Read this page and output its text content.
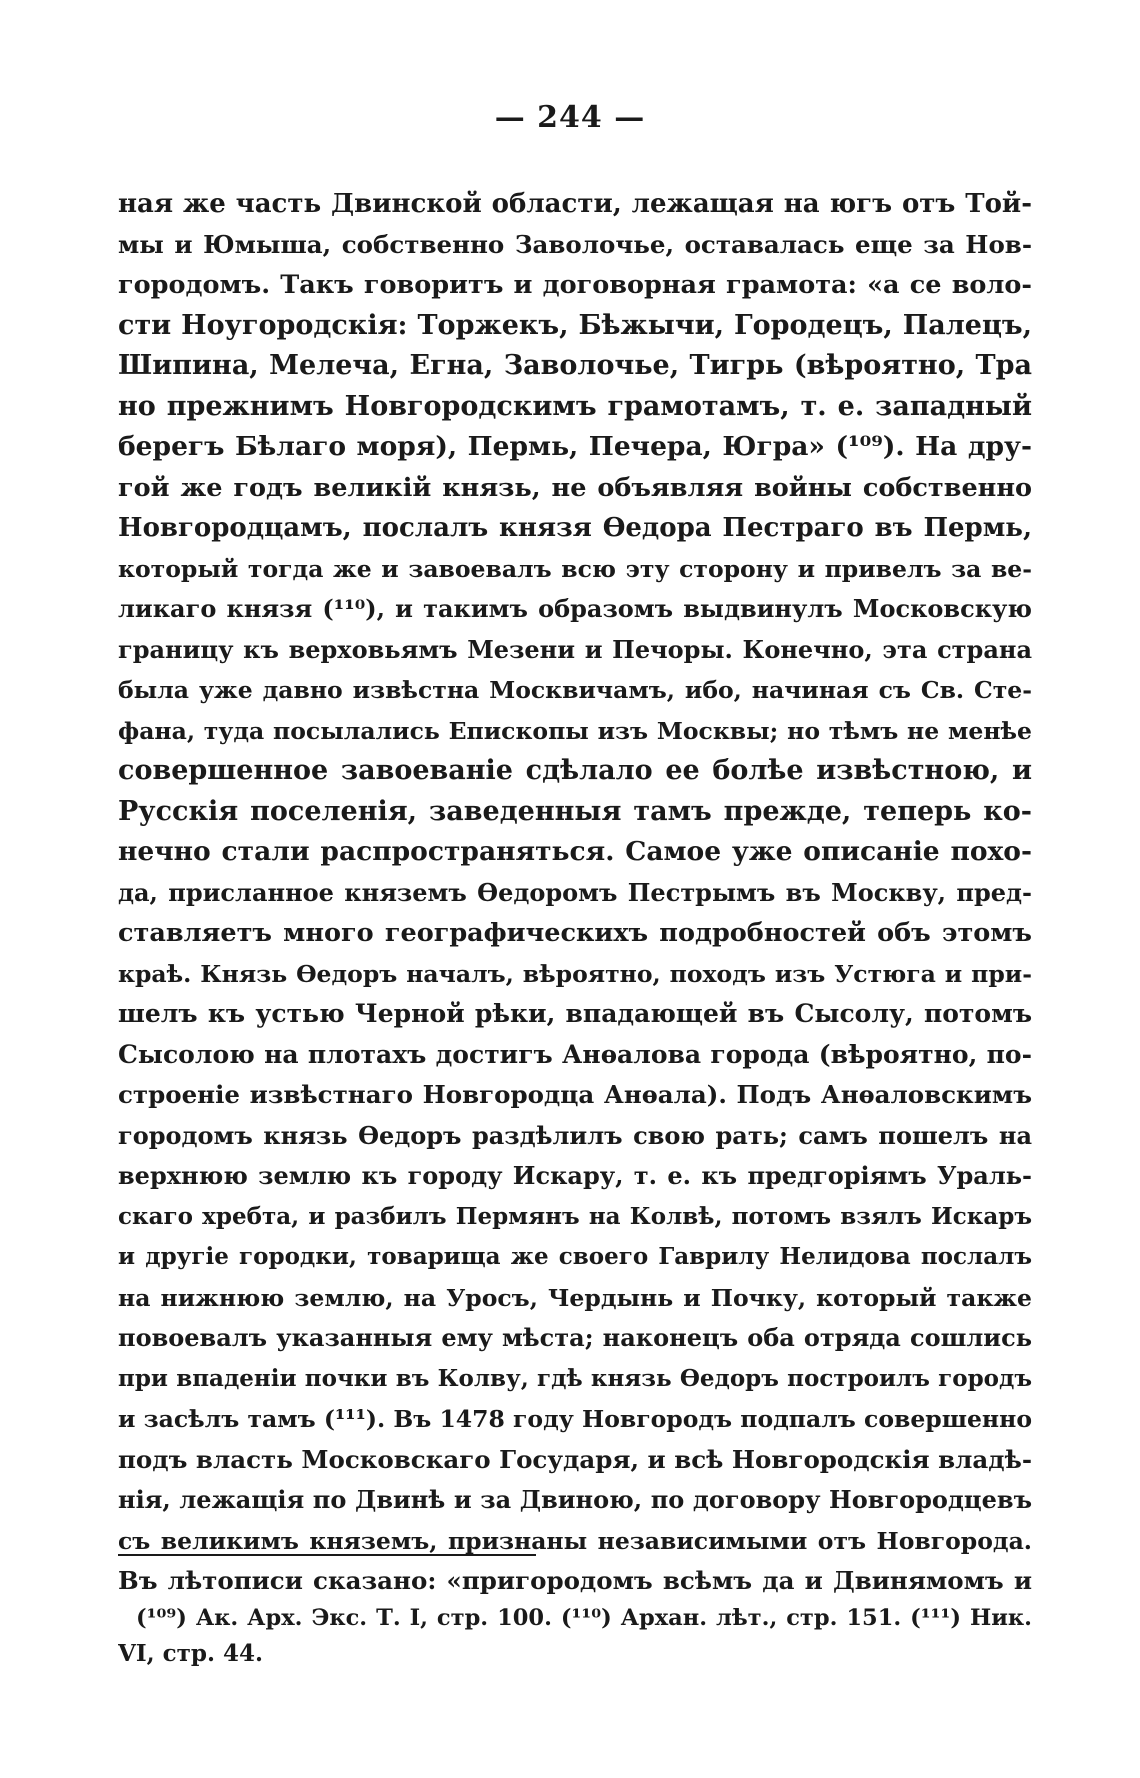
— 244 —
ная же часть Двинской области, лежащая на югъ отъ Той-
мы и Юмыша, собственно Заволочье, оставалась еще за Нов-
городомъ. Такъ говоритъ и договорная грамота: «а се воло-
сти Ноугородскія: Торжекъ, Бѣжычи, Городецъ, Палецъ,
Шипина, Мелеча, Егна, Заволочье, Тигрь (вѣроятно, Тра
но прежнимъ Новгородскимъ грамотамъ, т. е. западный
берегъ Бѣлаго моря), Пермь, Печера, Югра» (¹⁰⁹). На дру-
гой же годъ великій князь, не объявляя войны собственно
Новгородцамъ, послалъ князя Ѳедора Пестраго въ Пермь,
который тогда же и завоевалъ всю эту сторону и привелъ за ве-
ликаго князя (¹¹⁰), и такимъ образомъ выдвинулъ Московскую
границу къ верховьямъ Мезени и Печоры. Конечно, эта страна
была уже давно извѣстна Москвичамъ, ибо, начиная съ Св. Сте-
фана, туда посылались Епископы изъ Москвы; но тѣмъ не менѣе
совершенное завоеваніе сдѣлало ее болѣе извѣстною, и
Русскія поселенія, заведенныя тамъ прежде, теперь ко-
нечно стали распространяться. Самое уже описаніе похо-
да, присланное княземъ Ѳедоромъ Пестрымъ въ Москву, пред-
ставляетъ много географическихъ подробностей объ этомъ
краѣ. Князь Ѳедоръ началъ, вѣроятно, походъ изъ Устюга и при-
шелъ къ устью Черной рѣки, впадающей въ Сысолу, потомъ
Сысолою на плотахъ достигъ Анѳалова города (вѣроятно, по-
строеніе извѣстнаго Новгородца Анѳала). Подъ Анѳаловскимъ
городомъ князь Ѳедоръ раздѣлилъ свою рать; самъ пошелъ на
верхнюю землю къ городу Искару, т. е. къ предгоріямъ Ураль-
скаго хребта, и разбилъ Пермянъ на Колвѣ, потомъ взялъ Искаръ
и другіе городки, товарища же своего Гаврилу Нелидова послалъ
на нижнюю землю, на Уросъ, Чердынь и Почку, который также
повоевалъ указанныя ему мѣста; наконецъ оба отряда сошлись
при впаденіи почки въ Колву, гдѣ князь Ѳедоръ построилъ городъ
и засѣлъ тамъ (¹¹¹). Въ 1478 году Новгородъ подпалъ совершенно
подъ власть Московскаго Государя, и всѣ Новгородскія владѣ-
нія, лежащія по Двинѣ и за Двиною, по договору Новгородцевъ
съ великимъ княземъ, признаны независимыми отъ Новгорода.
Въ лѣтописи сказано: «пригородомъ всѣмъ да и Двинямомъ и
(¹⁰⁹) Ак. Арх. Экс. Т. I, стр. 100. (¹¹⁰) Архан. лѣт., стр. 151. (¹¹¹) Ник.
VI, стр. 44.
